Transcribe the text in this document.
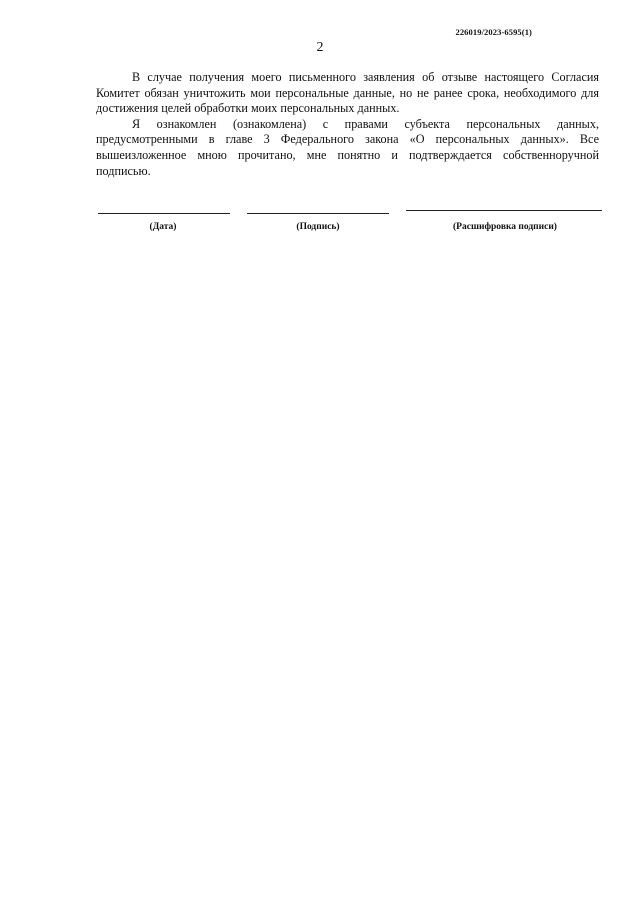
226019/2023-6595(1)
2

В случае получения моего письменного заявления об отзыве настоящего Согласия Комитет обязан уничтожить мои персональные данные, но не ранее срока, необходимого для достижения целей обработки моих персональных данных.

Я ознакомлен (ознакомлена) с правами субъекта персональных данных, предусмотренными в главе 3 Федерального закона «О персональных данных». Все вышеизложенное мною прочитано, мне понятно и подтверждается собственноручной подписью.

(Дата)	(Подпись)	(Расшифровка подписи)
